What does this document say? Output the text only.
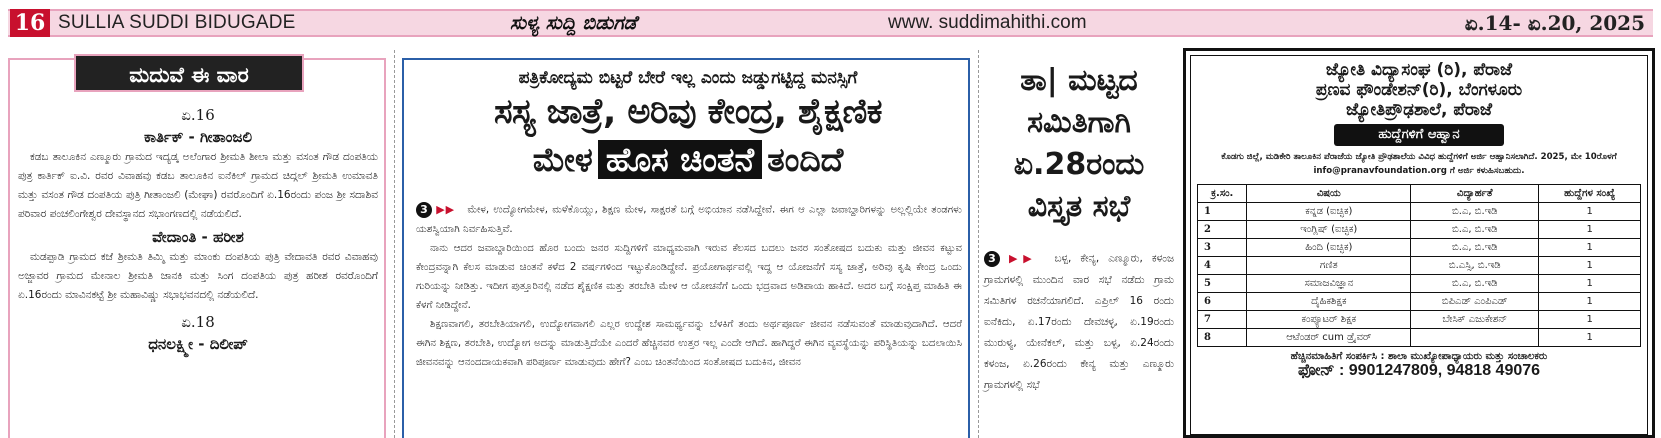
16 SULLIA SUDDI BIDUGADE	ಸುಳ್ಯ ಸುದ್ದಿ ಬಿಡುಗಡೆ	www. suddimahithi.com	ಏ.14- ಏ.20, 2025
ಮದುವೆ ಈ ವಾರ
ಏ.16
ಕಾರ್ತಿಕ್ - ಗೀತಾಂಜಲಿ

ಕಡಬ ತಾಲೂಕಿನ ಎಣ್ಮೂರು ಗ್ರಾಮದ ಇದ್ಯಡ್ಕ ಅಲೆಂಗಾರ ಶ್ರೀಮತಿ ಶೀಲಾ ಮತ್ತು ವಸಂತ ಗೌಡ ದಂಪತಿಯ ಪುತ್ರ ಕಾರ್ತಿಕ್ ಐ.ವಿ. ರವರ ವಿವಾಹವು ಕಡಬ ತಾಲೂಕಿನ ಐನೆಕಿಲ್ ಗ್ರಾಮದ ಚಿದ್ಗಲ್ ಶ್ರೀಮತಿ ಉಮಾವತಿ ಮತ್ತು ವಸಂತ ಗೌಡ ದಂಪತಿಯ ಪುತ್ರಿ ಗೀತಾಂಜಲಿ (ಮೇಘಾ) ರವರೊಂದಿಗೆ ಏ.16ರಂದು ಪಂಜ ಶ್ರೀ ಸದಾಶಿವ ಪರಿವಾರ ಪಂಚಲಿಂಗೇಶ್ವರ ದೇವಸ್ಥಾನದ ಸಭಾಂಗಣದಲ್ಲಿ ನಡೆಯಲಿದೆ.

ವೇದಾಂತಿ - ಹರೀಶ

ಮಡಪ್ಪಾಡಿ ಗ್ರಾಮದ ಕಜೆ ಶ್ರೀಮತಿ ತಿಮ್ಮಿ ಮತ್ತು ಮಾಂಕು ದಂಪತಿಯ ಪುತ್ರಿ ವೇದಾವತಿ ರವರ ವಿವಾಹವು ಅಜ್ಜಾವರ ಗ್ರಾಮದ ಮೇನಾಲ ಶ್ರೀಮತಿ ಜಾನಕಿ ಮತ್ತು ಸಿಂಗ ದಂಪತಿಯ ಪುತ್ರ ಹರೀಶ ರವರೊಂದಿಗೆ ಏ.16ರಂದು ಮಾವಿನಕಟ್ಟೆ ಶ್ರೀ ಮಹಾವಿಷ್ಣು ಸಭಾಭವನದಲ್ಲಿ ನಡೆಯಲಿದೆ.

ಏ.18
ಧನಲಕ್ಷ್ಮೀ - ದಿಲೀಪ್
ಪತ್ರಿಕೋದ್ಯಮ ಬಿಟ್ಟರೆ ಬೇರೆ ಇಲ್ಲ ಎಂದು ಜಡ್ಡುಗಟ್ಟಿದ್ದ ಮನಸ್ಸಿಗೆ
ಸಸ್ಯ ಜಾತ್ರೆ, ಅರಿವು ಕೇಂದ್ರ, ಶೈಕ್ಷಣಿಕ
ಮೇಳ ಹೊಸ ಚಿಂತನೆ ತಂದಿದೆ

3 ▶▶ ಮೇಳ, ಉದ್ಯೋಗಮೇಳ, ಮಳೆಕೊಯ್ಲು, ಶಿಕ್ಷಣ ಮೇಳ, ಸಾಕ್ಷರತೆ ಬಗ್ಗೆ ಅಭಿಯಾನ ನಡೆಸಿದ್ದೇವೆ. ಈಗ ಆ ಎಲ್ಲಾ ಜವಾಬ್ದಾರಿಗಳನ್ನು ಅಲ್ಲಲ್ಲಿಯೇ ತಂಡಗಳು ಯಶಸ್ವಿಯಾಗಿ ನಿರ್ವಹಿಸುತ್ತಿವೆ.

ನಾನು ಆದರ ಜವಾಬ್ದಾರಿಯಿಂದ ಹೊರ ಬಂದು ಜನರ ಸುದ್ದಿಗಳಿಗೆ ಮಾಧ್ಯಮವಾಗಿ ಇರುವ ಕೆಲಸದ ಬದಲು ಜನರ ಸಂತೋಷದ ಬದುಕು ಮತ್ತು ಜೀವನ ಕಟ್ಟುವ ಕೇಂದ್ರವನ್ನಾಗಿ ಕೆಲಸ ಮಾಡುವ ಚಿಂತನೆ ಕಳೆದ 2 ವರ್ಷಗಳಿಂದ ಇಟ್ಟುಕೊಂಡಿದ್ದೇನೆ. ಪ್ರಯೋಗಾರ್ಥವಲ್ಲಿ ಇದ್ದ ಆ ಯೋಜನೆಗೆ ಸಸ್ಯ ಜಾತ್ರೆ, ಅರಿವು ಕೃಷಿ ಕೇಂದ್ರ ಒಂದು ಗುರಿಯನ್ನು ನೀಡಿತ್ತು. ಇದೀಗ ಪುತ್ತೂರಿನಲ್ಲಿ ನಡೆದ ಶೈಕ್ಷಣಿಕ ಮತ್ತು ತರಬೇತಿ ಮೇಳ ಆ ಯೋಚನೆಗೆ ಒಂದು ಭದ್ರವಾದ ಅಡಿಪಾಯ ಹಾಕಿದೆ. ಅದರ ಬಗ್ಗೆ ಸಂಕ್ಷಿಪ್ತ ಮಾಹಿತಿ ಈ ಕೆಳಗೆ ನೀಡಿದ್ದೇನೆ.

ಶಿಕ್ಷಣವಾಗಲಿ, ತರಬೇತಿಯಾಗಲಿ, ಉದ್ಯೋಗವಾಗಲಿ ಎಲ್ಲರ ಉದ್ದೇಶ ಸಾಮರ್ಥ್ಯವನ್ನು ಬೆಳಕಿಗೆ ತಂದು ಅರ್ಥಪೂರ್ಣ ಜೀವನ ನಡೆಸುವಂತೆ ಮಾಡುವುದಾಗಿದೆ. ಆದರೆ ಈಗಿನ ಶಿಕ್ಷಣ, ತರಬೇತಿ, ಉದ್ಯೋಗ ಅದನ್ನು ಮಾಡುತ್ತಿದೆಯೇ ಎಂದರೆ ಹೆಚ್ಚಿನವರ ಉತ್ತರ ಇಲ್ಲ ಎಂದೇ ಆಗಿದೆ. ಹಾಗಿದ್ದರೆ ಈಗಿನ ವ್ಯವಸ್ಥೆಯನ್ನು ಪರಿಸ್ಥಿತಿಯನ್ನು ಬದಲಾಯಿಸಿ ಜೀವನವನ್ನು ಆನಂದದಾಯಕವಾಗಿ ಪರಿಪೂರ್ಣ ಮಾಡುವುದು ಹೇಗೆ? ಎಂಬ ಚಿಂತನೆಯಿಂದ ಸಂತೋಷದ ಬದುಕಿನ, ಜೀವನ

ತಾ| ಮಟ್ಟದ ಸಮಿತಿಗಾಗಿ ಏ.28ರಂದು ವಿಸ್ತೃತ ಸಭೆ

3 ▶▶ ಬಳ್ಪ, ಕೇನ್ಯ, ಎಣ್ಮೂರು, ಕಳಂಜ ಗ್ರಾಮಗಳಲ್ಲಿ ಮುಂದಿನ ವಾರ ಸಭೆ ನಡೆದು ಗ್ರಾಮ ಸಮಿತಿಗಳ ರಚನೆಯಾಗಲಿದೆ. ಎಪ್ರಿಲ್ 16 ರಂದು ಐನೆಕಿದು, ಏ.17ರಂದು ದೇವಚಳ್ಳ, ಏ.19ರಂದು ಮುರುಳ್ಯ, ಯೇನೆಕಲ್, ಮತ್ತು ಬಳ್ಪ, ಏ.24ರಂದು ಕಳಂಜ, ಏ.26ರಂದು ಕೇನ್ಯ ಮತ್ತು ಎಣ್ಮೂರು ಗ್ರಾಮಗಳಲ್ಲಿ ಸಭೆ

ಜ್ಯೋತಿ ವಿದ್ಯಾಸಂಘ (ರಿ), ಪೆರಾಜೆ
ಪ್ರಣವ ಫೌಂಡೇಶನ್(ರಿ), ಬೆಂಗಳೂರು
ಜ್ಯೋತಿಪ್ರೌಢಶಾಲೆ, ಪೆರಾಜೆ
ಹುದ್ದೆಗಳಿಗೆ ಆಹ್ವಾನ
ಕೊಡಗು ಜಿಲ್ಲೆ, ಮಡಿಕೇರಿ ತಾಲೂಕಿನ ಪೆರಾಜೆಯ ಜ್ಯೋತಿ ಪ್ರೌಢಶಾಲೆಯ ವಿವಿಧ ಹುದ್ದೆಗಳಿಗೆ ಅರ್ಜಿ ಆಹ್ವಾನಿಸಲಾಗಿದೆ. 2025, ಮೇ 10ರೊಳಗೆ info@pranavfoundation.org ಗೆ ಅರ್ಜಿ ಕಳುಹಿಸಬಹುದು.
ಕ್ರ.ಸಂ.	ವಿಷಯ	ವಿದ್ಯಾರ್ಹತೆ	ಹುದ್ದೆಗಳ ಸಂಖ್ಯೆ
1	ಕನ್ನಡ (ಐಚ್ಛಿಕ)	ಬಿ.ಎ, ಬಿ.ಇಡಿ	1
2	ಇಂಗ್ಲಿಷ್ (ಐಚ್ಛಿಕ)	ಬಿ.ಎ, ಬಿ.ಇಡಿ	1
3	ಹಿಂದಿ (ಐಚ್ಛಿಕ)	ಬಿ.ಎ, ಬಿ.ಇಡಿ	1
4	ಗಣಿತ	ಬಿ.ಎಸ್ಸಿ, ಬಿ.ಇಡಿ	1
5	ಸಮಾಜವಿಜ್ಞಾನ	ಬಿ.ಎ, ಬಿ.ಇಡಿ	1
6	ದೈಹಿಕಶಿಕ್ಷಕ	ಬಿಪಿಎಡ್ ಎಂಪಿಎಡ್	1
7	ಕಂಪ್ಯೂಟರ್ ಶಿಕ್ಷಕ	ಬೇಸಿಕ್ ಎಜುಕೇಶನ್	1
8	ಆಟೆಂಡರ್ cum ಡ್ರೈವರ್		1
ಹೆಚ್ಚಿನಮಾಹಿತಿಗೆ ಸಂಪರ್ಕಿಸಿ : ಶಾಲಾ ಮುಖ್ಯೋಪಾಧ್ಯಾಯರು ಮತ್ತು ಸಂಚಾಲಕರು
ಫೋನ್ : 9901247809, 94818 49076
